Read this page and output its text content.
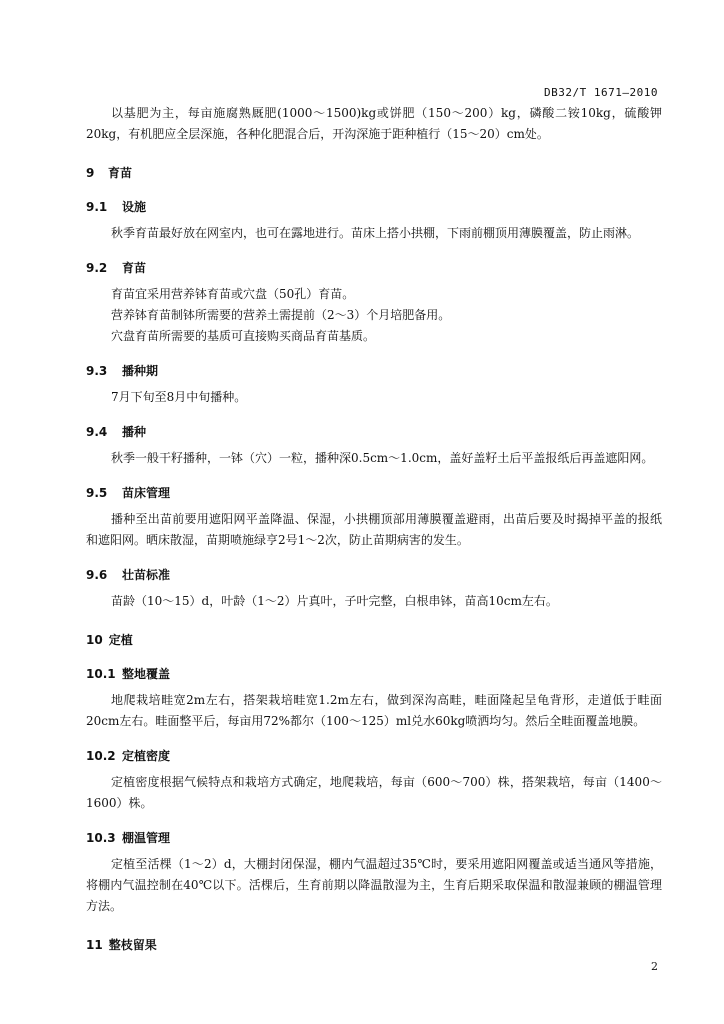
DB32/T 1671—2010

以基肥为主，每亩施腐熟厩肥(1000～1500)kg或饼肥（150～200）kg，磷酸二铵10kg，硫酸钾20kg，有机肥应全层深施，各种化肥混合后，开沟深施于距种植行（15～20）cm处。

9 育苗
9.1 设施

秋季育苗最好放在网室内，也可在露地进行。苗床上搭小拱棚，下雨前棚顶用薄膜覆盖，防止雨淋。

9.2 育苗

育苗宜采用营养钵育苗或穴盘（50孔）育苗。

营养钵育苗制钵所需要的营养土需提前（2～3）个月培肥备用。

穴盘育苗所需要的基质可直接购买商品育苗基质。

9.3 播种期

7月下旬至8月中旬播种。

9.4 播种

秋季一般干籽播种，一钵（穴）一粒，播种深0.5cm～1.0cm，盖好盖籽土后平盖报纸后再盖遮阳网。

9.5 苗床管理

播种至出苗前要用遮阳网平盖降温、保湿，小拱棚顶部用薄膜覆盖避雨，出苗后要及时揭掉平盖的报纸和遮阳网。晒床散湿，苗期喷施绿亨2号1～2次，防止苗期病害的发生。

9.6 壮苗标准

苗龄（10～15）d，叶龄（1～2）片真叶，子叶完整，白根串钵，苗高10cm左右。

10 定植
10.1 整地覆盖

地爬栽培畦宽2m左右，搭架栽培畦宽1.2m左右，做到深沟高畦，畦面隆起呈龟背形，走道低于畦面20cm左右。畦面整平后，每亩用72%都尔（100～125）ml兑水60kg喷洒均匀。然后全畦面覆盖地膜。

10.2 定植密度

定植密度根据气候特点和栽培方式确定，地爬栽培，每亩（600～700）株，搭架栽培，每亩（1400～1600）株。

10.3 棚温管理

定植至活棵（1～2）d，大棚封闭保湿，棚内气温超过35℃时，要采用遮阳网覆盖或适当通风等措施，将棚内气温控制在40℃以下。活棵后，生育前期以降温散湿为主，生育后期采取保温和散湿兼顾的棚温管理方法。

11 整枝留果
2
